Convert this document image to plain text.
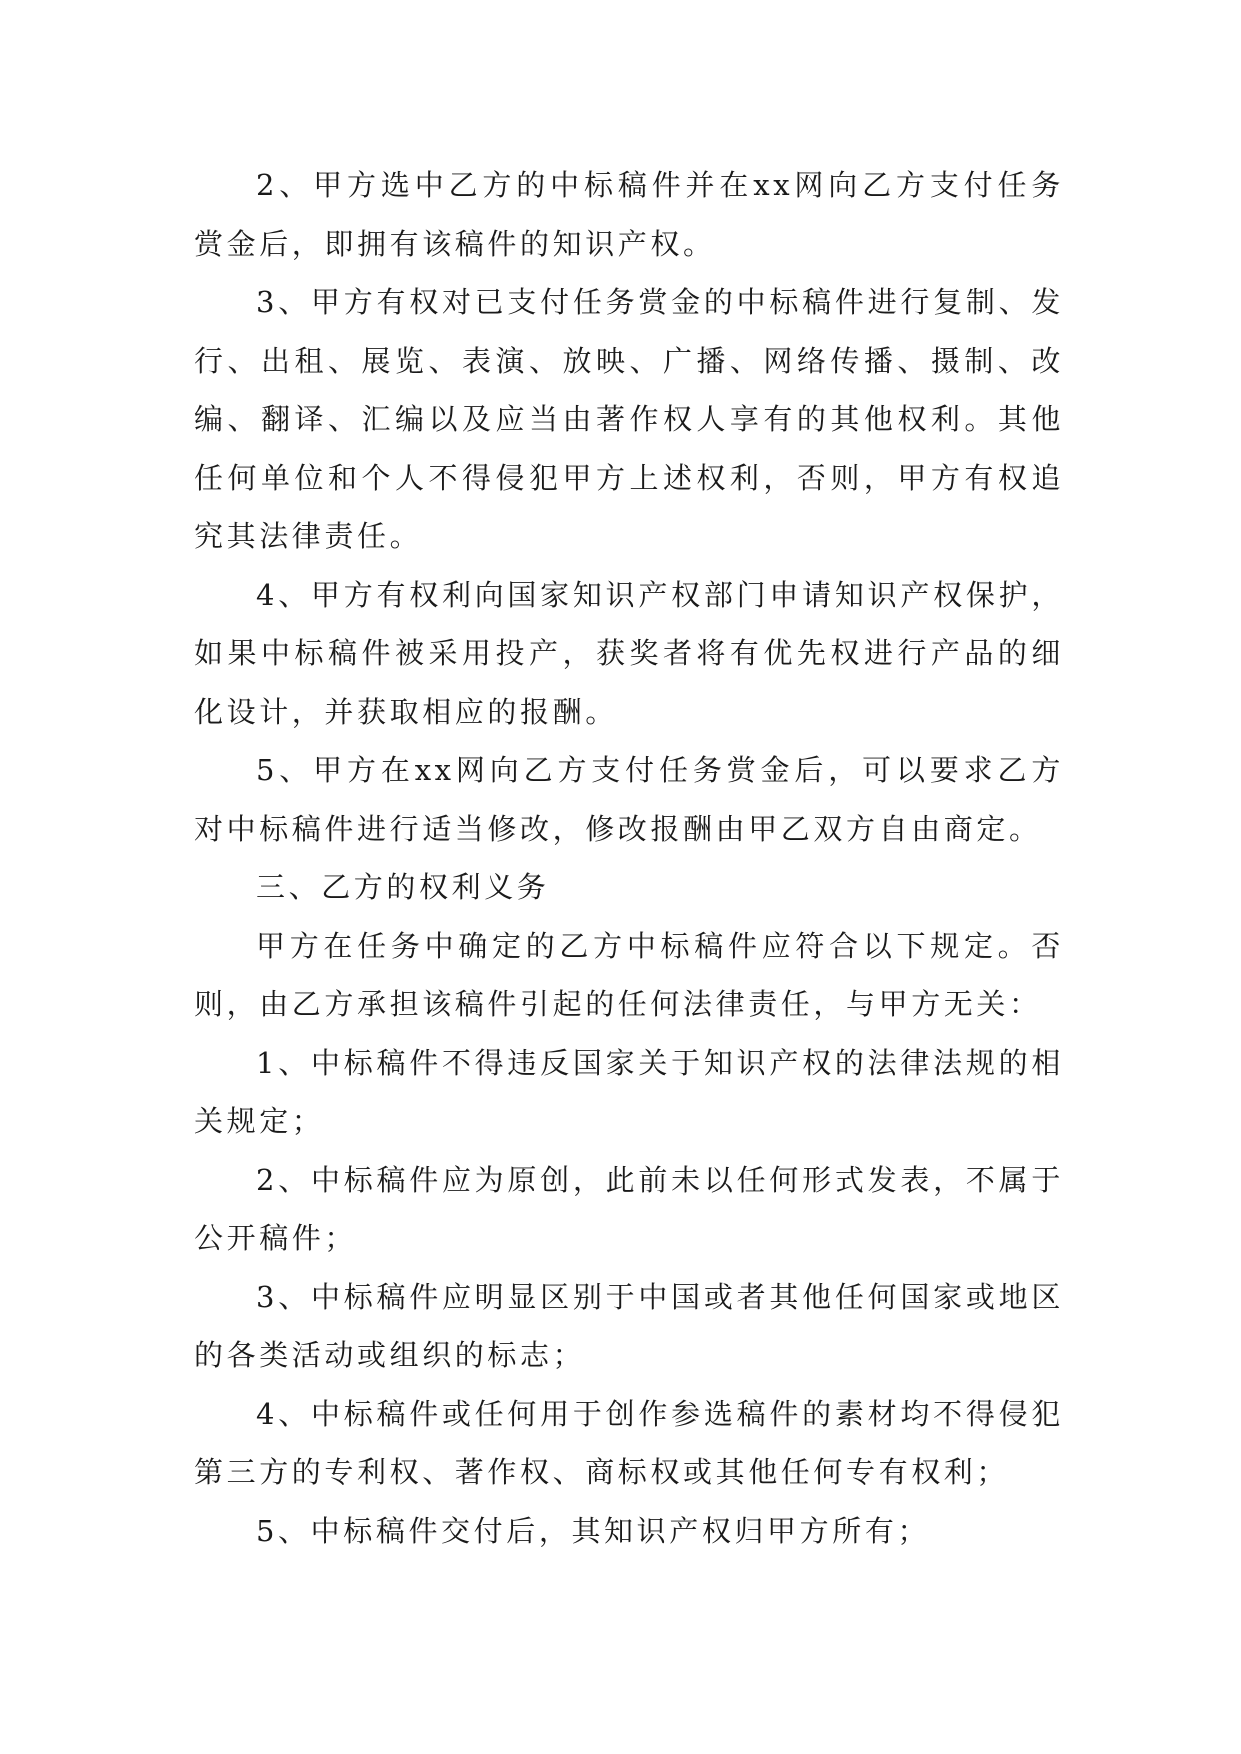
2、甲方选中乙方的中标稿件并在xx网向乙方支付任务赏金后，即拥有该稿件的知识产权。

3、甲方有权对已支付任务赏金的中标稿件进行复制、发行、出租、展览、表演、放映、广播、网络传播、摄制、改编、翻译、汇编以及应当由著作权人享有的其他权利。其他任何单位和个人不得侵犯甲方上述权利，否则，甲方有权追究其法律责任。

4、甲方有权利向国家知识产权部门申请知识产权保护，如果中标稿件被采用投产，获奖者将有优先权进行产品的细化设计，并获取相应的报酬。

5、甲方在xx网向乙方支付任务赏金后，可以要求乙方对中标稿件进行适当修改，修改报酬由甲乙双方自由商定。

三、乙方的权利义务

甲方在任务中确定的乙方中标稿件应符合以下规定。否则，由乙方承担该稿件引起的任何法律责任，与甲方无关：

1、中标稿件不得违反国家关于知识产权的法律法规的相关规定；

2、中标稿件应为原创，此前未以任何形式发表，不属于公开稿件；

3、中标稿件应明显区别于中国或者其他任何国家或地区的各类活动或组织的标志；

4、中标稿件或任何用于创作参选稿件的素材均不得侵犯第三方的专利权、著作权、商标权或其他任何专有权利；

5、中标稿件交付后，其知识产权归甲方所有；
